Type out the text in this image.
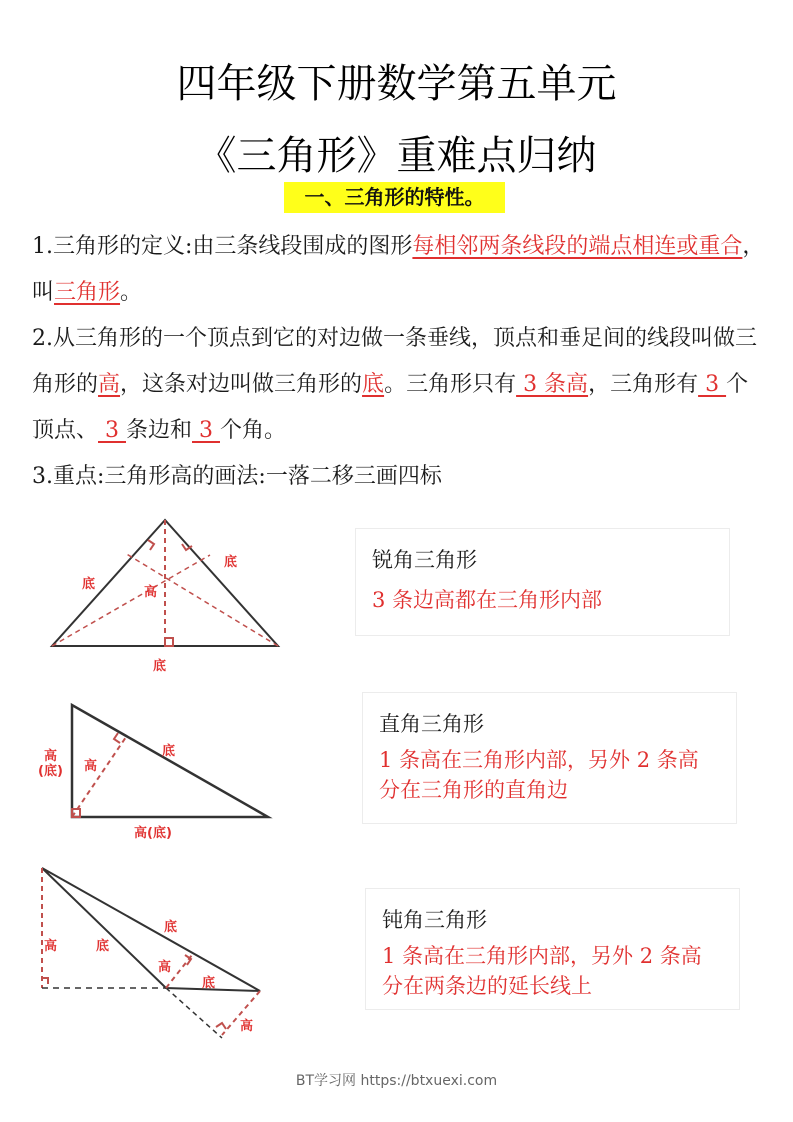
四年级下册数学第五单元
《三角形》重难点归纳
一、三角形的特性。
1.三角形的定义:由三条线段围成的图形每相邻两条线段的端点相连或重合，叫三角形。
2.从三角形的一个顶点到它的对边做一条垂线，顶点和垂足间的线段叫做三角形的高，这条对边叫做三角形的底。三角形只有 3 条高，三角形有 3 个顶点、 3 条边和 3 个角。
3.重点:三角形高的画法:一落二移三画四标
底
底
高
底
锐角三角形
3 条边高都在三角形内部
高
(底) 高
底
高(底)
直角三角形
1 条高在三角形内部，另外 2 条高
分在三角形的直角边
高	底
底
高
底
高
钝角三角形
1 条高在三角形内部，另外 2 条高
分在两条边的延长线上
BT学习网 https://btxuexi.com
